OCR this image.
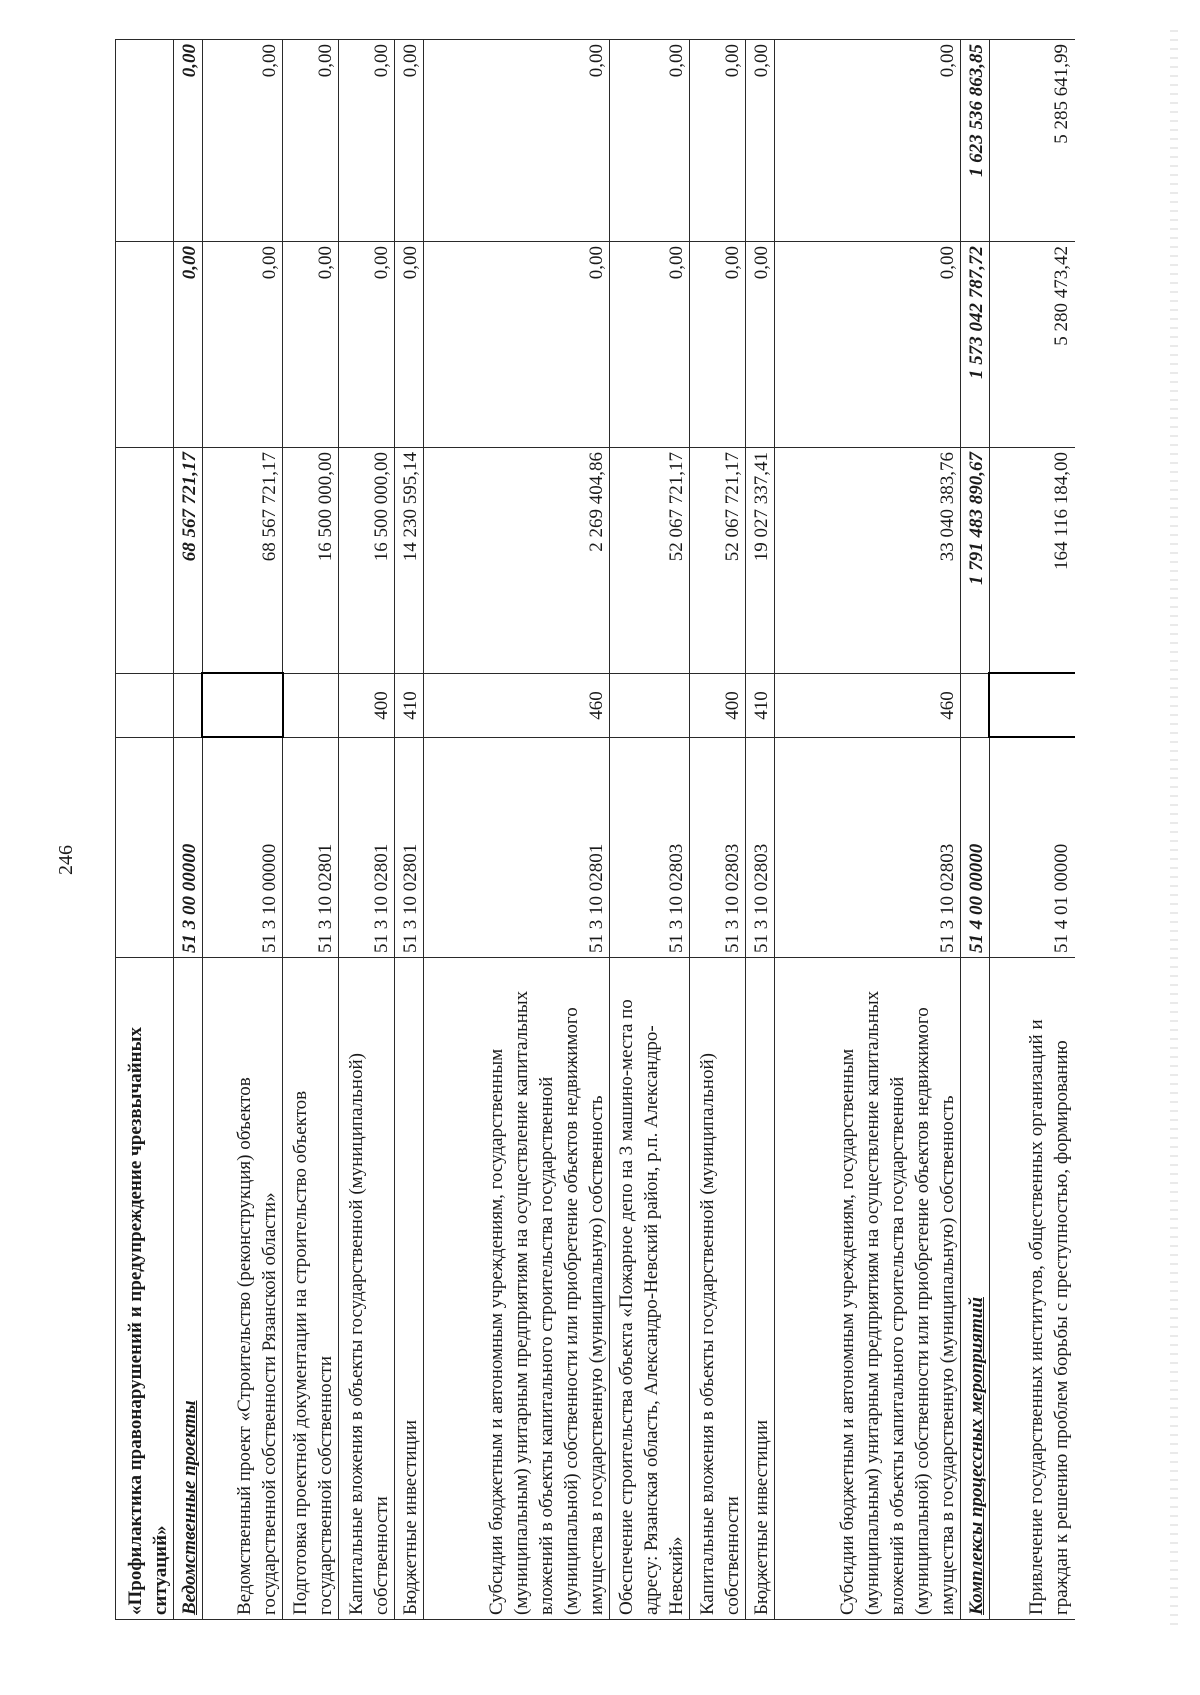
246
«Профилактика правонарушений и предупреждение чрезвычайных ситуаций»					
Ведомственные проекты	51 3 00 00000		68 567 721,17	0,00	0,00
Ведомственный проект «Строительство (реконструкция) объектов государственной собственности Рязанской области»	51 3 10 00000		68 567 721,17	0,00	0,00
Подготовка проектной документации на строительство объектов государственной собственности	51 3 10 02801		16 500 000,00	0,00	0,00
Капитальные вложения в объекты государственной (муниципальной) собственности	51 3 10 02801	400	16 500 000,00	0,00	0,00
Бюджетные инвестиции	51 3 10 02801	410	14 230 595,14	0,00	0,00
Субсидии бюджетным и автономным учреждениям, государственным (муниципальным) унитарным предприятиям на осуществление капитальных вложений в объекты капитального строительства государственной (муниципальной) собственности или приобретение объектов недвижимого имущества в государственную (муниципальную) собственность	51 3 10 02801	460	2 269 404,86	0,00	0,00
Обеспечение строительства объекта «Пожарное депо на 3 машино-места по адресу: Рязанская область, Александро-Невский район, р.п. Александро-Невский»	51 3 10 02803		52 067 721,17	0,00	0,00
Капитальные вложения в объекты государственной (муниципальной) собственности	51 3 10 02803	400	52 067 721,17	0,00	0,00
Бюджетные инвестиции	51 3 10 02803	410	19 027 337,41	0,00	0,00
Субсидии бюджетным и автономным учреждениям, государственным (муниципальным) унитарным предприятиям на осуществление капитальных вложений в объекты капитального строительства государственной (муниципальной) собственности или приобретение объектов недвижимого имущества в государственную (муниципальную) собственность	51 3 10 02803	460	33 040 383,76	0,00	0,00
Комплексы процессных мероприятий	51 4 00 00000		1 791 483 890,67	1 573 042 787,72	1 623 536 863,85
Привлечение государственных институтов, общественных организаций и граждан к решению проблем борьбы с преступностью, формированию	51 4 01 00000		164 116 184,00	5 280 473,42	5 285 641,99
